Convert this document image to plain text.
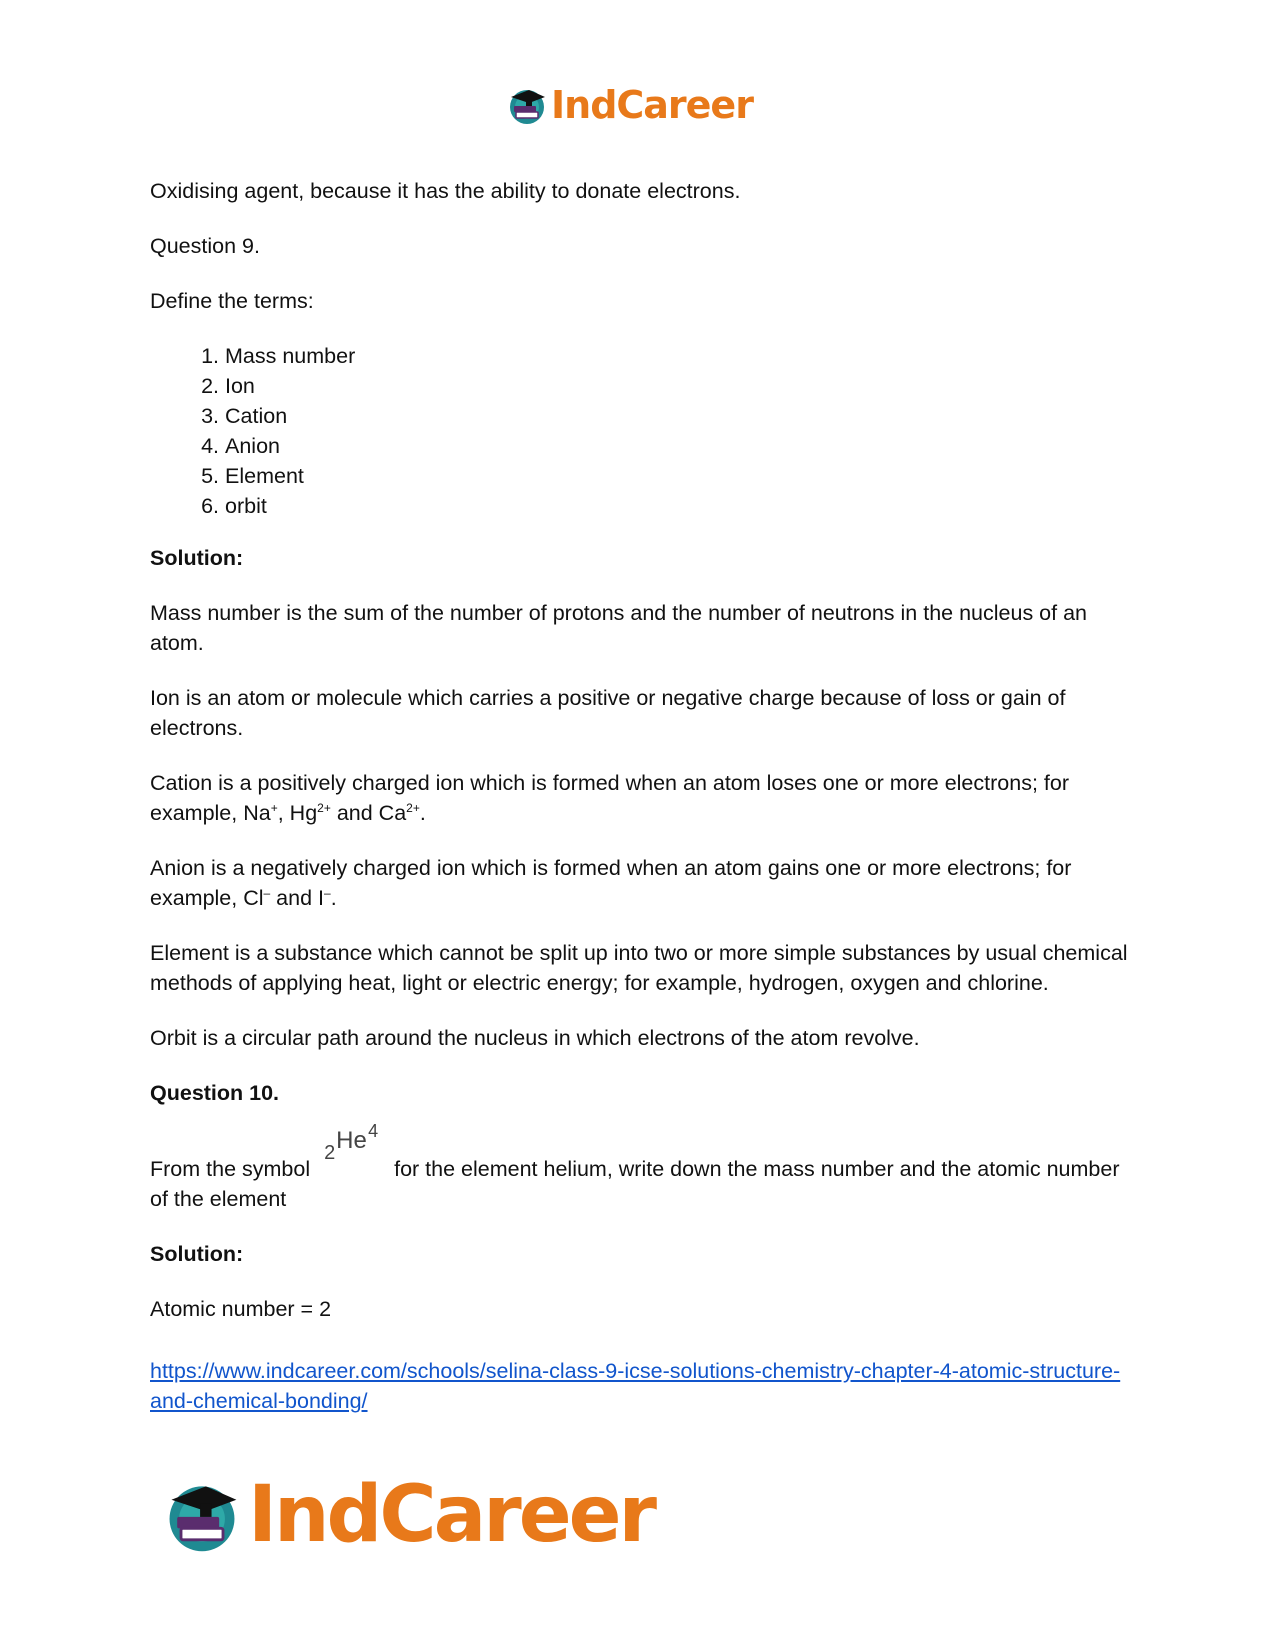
IndCareer

Oxidising agent, because it has the ability to donate electrons.

Question 9.

Define the terms:

1. Mass number
2. Ion
3. Cation
4. Anion
5. Element
6. orbit

Solution:

Mass number is the sum of the number of protons and the number of neutrons in the nucleus of an atom.

Ion is an atom or molecule which carries a positive or negative charge because of loss or gain of electrons.

Cation is a positively charged ion which is formed when an atom loses one or more electrons; for example, Na+, $Hg^{2+}$ and $Ca^{2+}$.

Anion is a negatively charged ion which is formed when an atom gains one or more electrons; for example, Cl– and I–.

Element is a substance which cannot be split up into two or more simple substances by usual chemical methods of applying heat, light or electric energy; for example, hydrogen, oxygen and chlorine.

Orbit is a circular path around the nucleus in which electrons of the atom revolve.

Question 10.

From the symbol
2 He 4
for the element helium, write down the mass number and the atomic number of the element

Solution:

Atomic number = 2

https://www.indcareer.com/schools/selina-class-9-icse-solutions-chemistry-chapter-4-atomic-structure-and-chemical-bonding/

IndCareer
